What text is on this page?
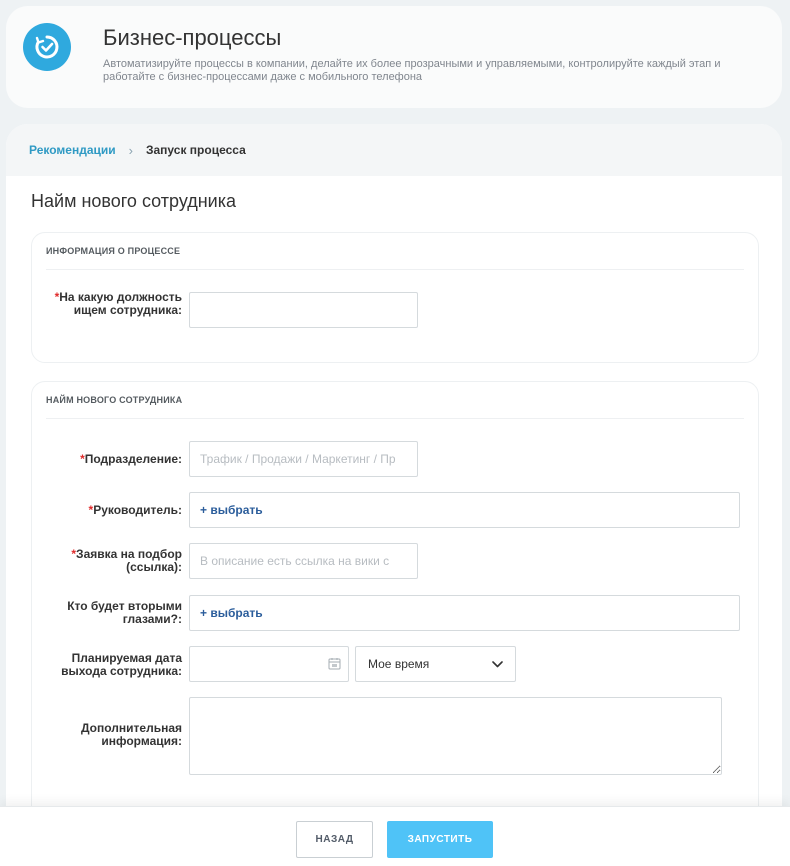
Бизнес-процессы
Автоматизируйте процессы в компании, делайте их более прозрачными и управляемыми, контролируйте каждый этап и работайте с бизнес-процессами даже с мобильного телефона
Рекомендации › Запуск процесса
Найм нового сотрудника
ИНФОРМАЦИЯ О ПРОЦЕССЕ
*На какую должность ищем сотрудника:
НАЙМ НОВОГО СОТРУДНИКА
*Подразделение:
Трафик / Продажи / Маркетинг / Пр
*Руководитель: + выбрать
*Заявка на подбор (ссылка):
В описание есть ссылка на вики с
Кто будет вторыми глазами?: + выбрать
Планируемая дата выхода сотрудника:	Мое время
Дополнительная информация:
НАЗАД	ЗАПУСТИТЬ
